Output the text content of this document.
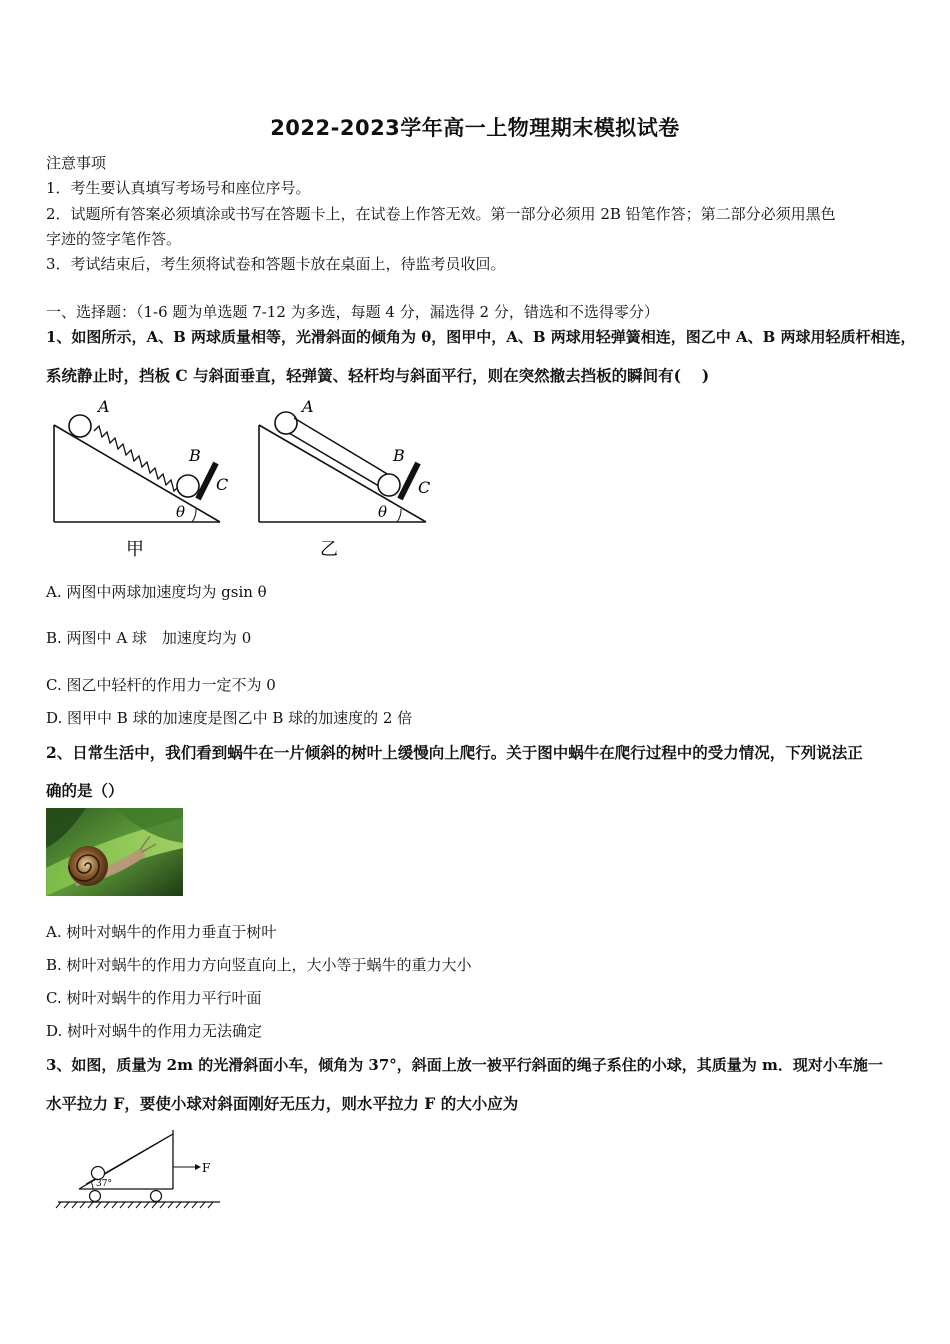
2022-2023学年高一上物理期末模拟试卷
注意事项
1．考生要认真填写考场号和座位序号。
2．试题所有答案必须填涂或书写在答题卡上，在试卷上作答无效。第一部分必须用 2B 铅笔作答；第二部分必须用黑色
字迹的签字笔作答。
3．考试结束后，考生须将试卷和答题卡放在桌面上，待监考员收回。
一、选择题：（1-6 题为单选题 7-12 为多选，每题 4 分，漏选得 2 分，错选和不选得零分）
1、如图所示，A、B 两球质量相等，光滑斜面的倾角为 θ，图甲中，A、B 两球用轻弹簧相连，图乙中 A、B 两球用轻质杆相连，
系统静止时，挡板 C 与斜面垂直，轻弹簧、轻杆均与斜面平行，则在突然撤去挡板的瞬间有(　 )
A
B
C
θ
甲
A
B
C
θ
乙
A. 两图中两球加速度均为 gsin θ
B. 两图中 A 球　加速度均为 0
C. 图乙中轻杆的作用力一定不为 0
D. 图甲中 B 球的加速度是图乙中 B 球的加速度的 2 倍
2、日常生活中，我们看到蜗牛在一片倾斜的树叶上缓慢向上爬行。关于图中蜗牛在爬行过程中的受力情况，下列说法正
确的是（）
A. 树叶对蜗牛的作用力垂直于树叶
B. 树叶对蜗牛的作用力方向竖直向上，大小等于蜗牛的重力大小
C. 树叶对蜗牛的作用力平行叶面
D. 树叶对蜗牛的作用力无法确定
3、如图，质量为 2m 的光滑斜面小车，倾角为 37°，斜面上放一被平行斜面的绳子系住的小球，其质量为 m．现对小车施一
水平拉力 F，要使小球对斜面刚好无压力，则水平拉力 F 的大小应为
37°
F
